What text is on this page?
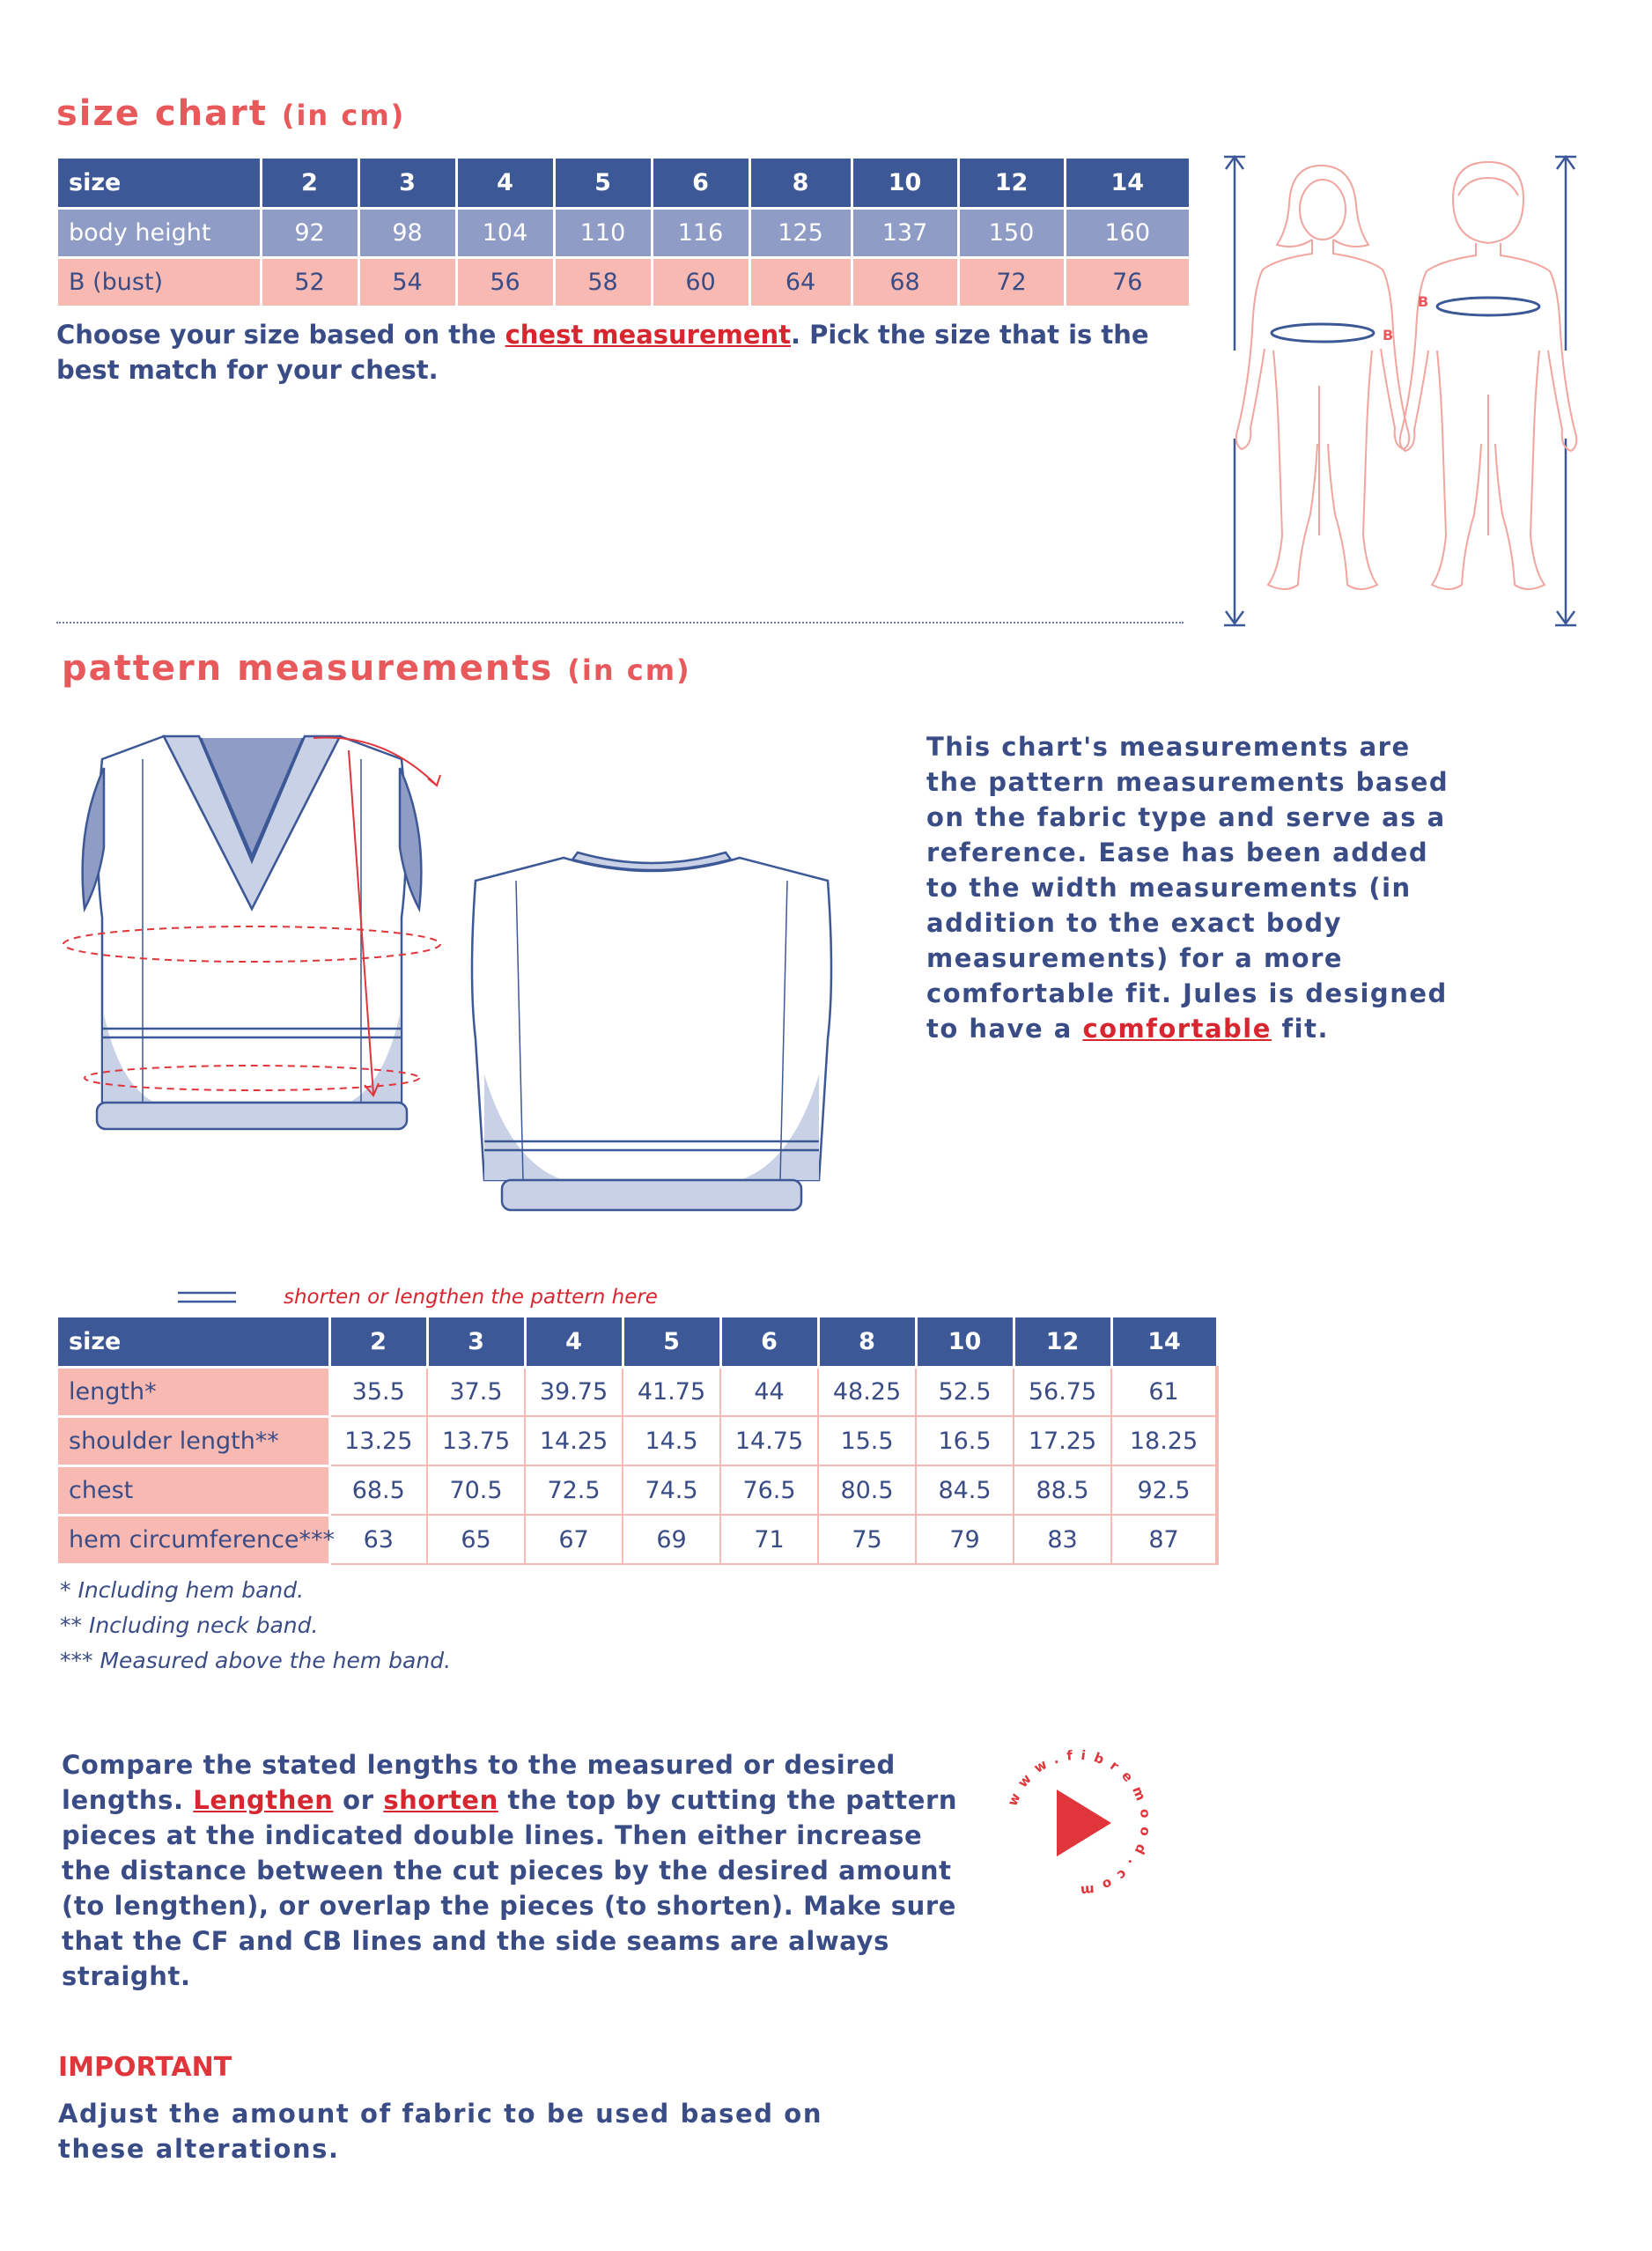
size chart (in cm)
size	2	3	4	5	6	8	10	12	14
body height	92	98	104	110	116	125	137	150	160
B (bust)	52	54	56	58	60	64	68	72	76
Choose your size based on the chest measurement. Pick the size that is the best match for your chest.
B
B
pattern measurements (in cm)
This chart's measurements are the pattern measurements based on the fabric type and serve as a reference. Ease has been added to the width measurements (in addition to the exact body measurements) for a more comfortable fit. Jules is designed to have a comfortable fit.
shorten or lengthen the pattern here
size	2	3	4	5	6	8	10	12	14
length*	35.5	37.5	39.75	41.75	44	48.25	52.5	56.75	61
shoulder length**	13.25	13.75	14.25	14.5	14.75	15.5	16.5	17.25	18.25
chest	68.5	70.5	72.5	74.5	76.5	80.5	84.5	88.5	92.5
hem circumference***	63	65	67	69	71	75	79	83	87
* Including hem band.
** Including neck band.
*** Measured above the hem band.
Compare the stated lengths to the measured or desired lengths. Lengthen or shorten the top by cutting the pattern pieces at the indicated double lines. Then either increase the distance between the cut pieces by the desired amount (to lengthen), or overlap the pieces (to shorten). Make sure that the CF and CB lines and the side seams are always straight.
www.fibremood.com
IMPORTANT
Adjust the amount of fabric to be used based on these alterations.
